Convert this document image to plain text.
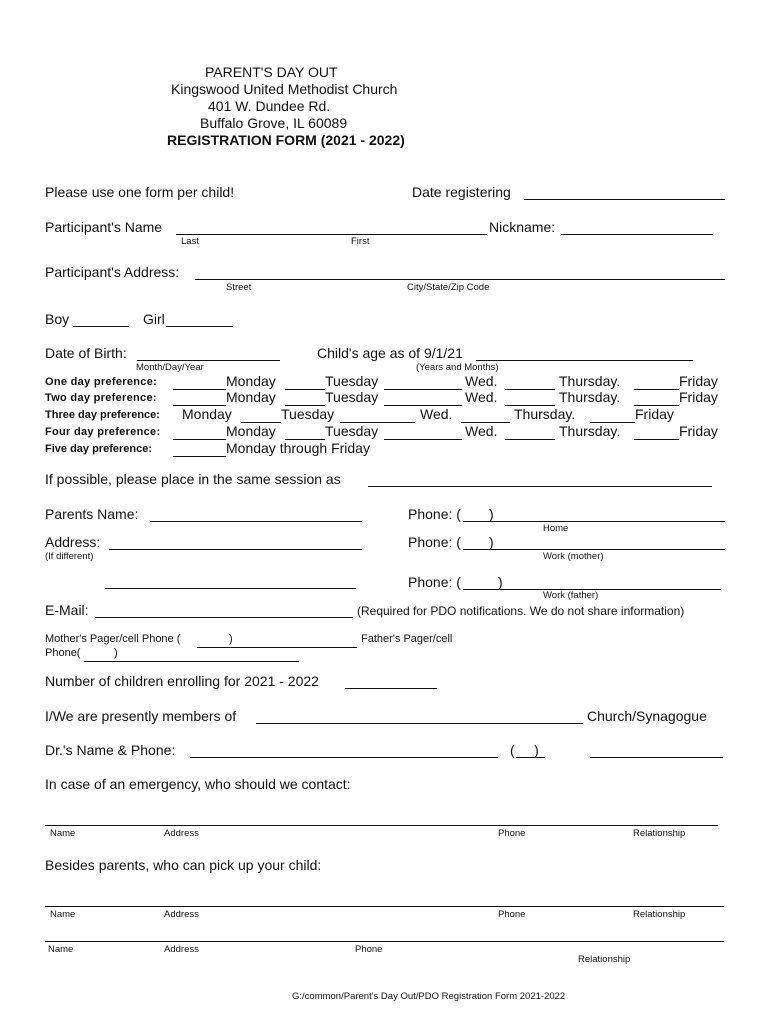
PARENT'S DAY OUT
Kingswood United Methodist Church
401 W. Dundee Rd.
Buffalo Grove, IL 60089
REGISTRATION FORM (2021 - 2022)
Please use one form per child!	Date registering
Participant's Name
Last	First
Nickname:
Participant's Address:
Street	City/State/Zip Code
Boy	Girl
Date of Birth:
Month/Day/Year
Child's age as of 9/1/21
(Years and Months)
One day preference:	Monday	Tuesday	Wed.	Thursday.	Friday
Two day preference:	Monday	Tuesday	Wed.	Thursday.	Friday
Three day preference: Monday	Tuesday	Wed.	Thursday.	Friday
Four day preference:	Monday	Tuesday	Wed.	Thursday.	Friday
Five day preference:	Monday through Friday
If possible, please place in the same session as
Parents Name:	Phone: ( )
Home
Address:
(If different)
Phone: ( )
Work (mother)
Phone: (	)
Work (father)
E-Mail:	(Required for PDO notifications. We do not share information)
Mother's Pager/cell Phone (	)	Father's Pager/cell
Phone(	)
Number of children enrolling for 2021 - 2022
I/We are presently members of	Church/Synagogue
Dr.'s Name & Phone:	(     )
In case of an emergency, who should we contact:
Name	Address	Phone	Relationship
Besides parents, who can pick up your child:
Name	Address	Phone	Relationship
Name	Address	Phone
Relationship
G:/common/Parent's Day Out/PDO Registration Form 2021-2022
